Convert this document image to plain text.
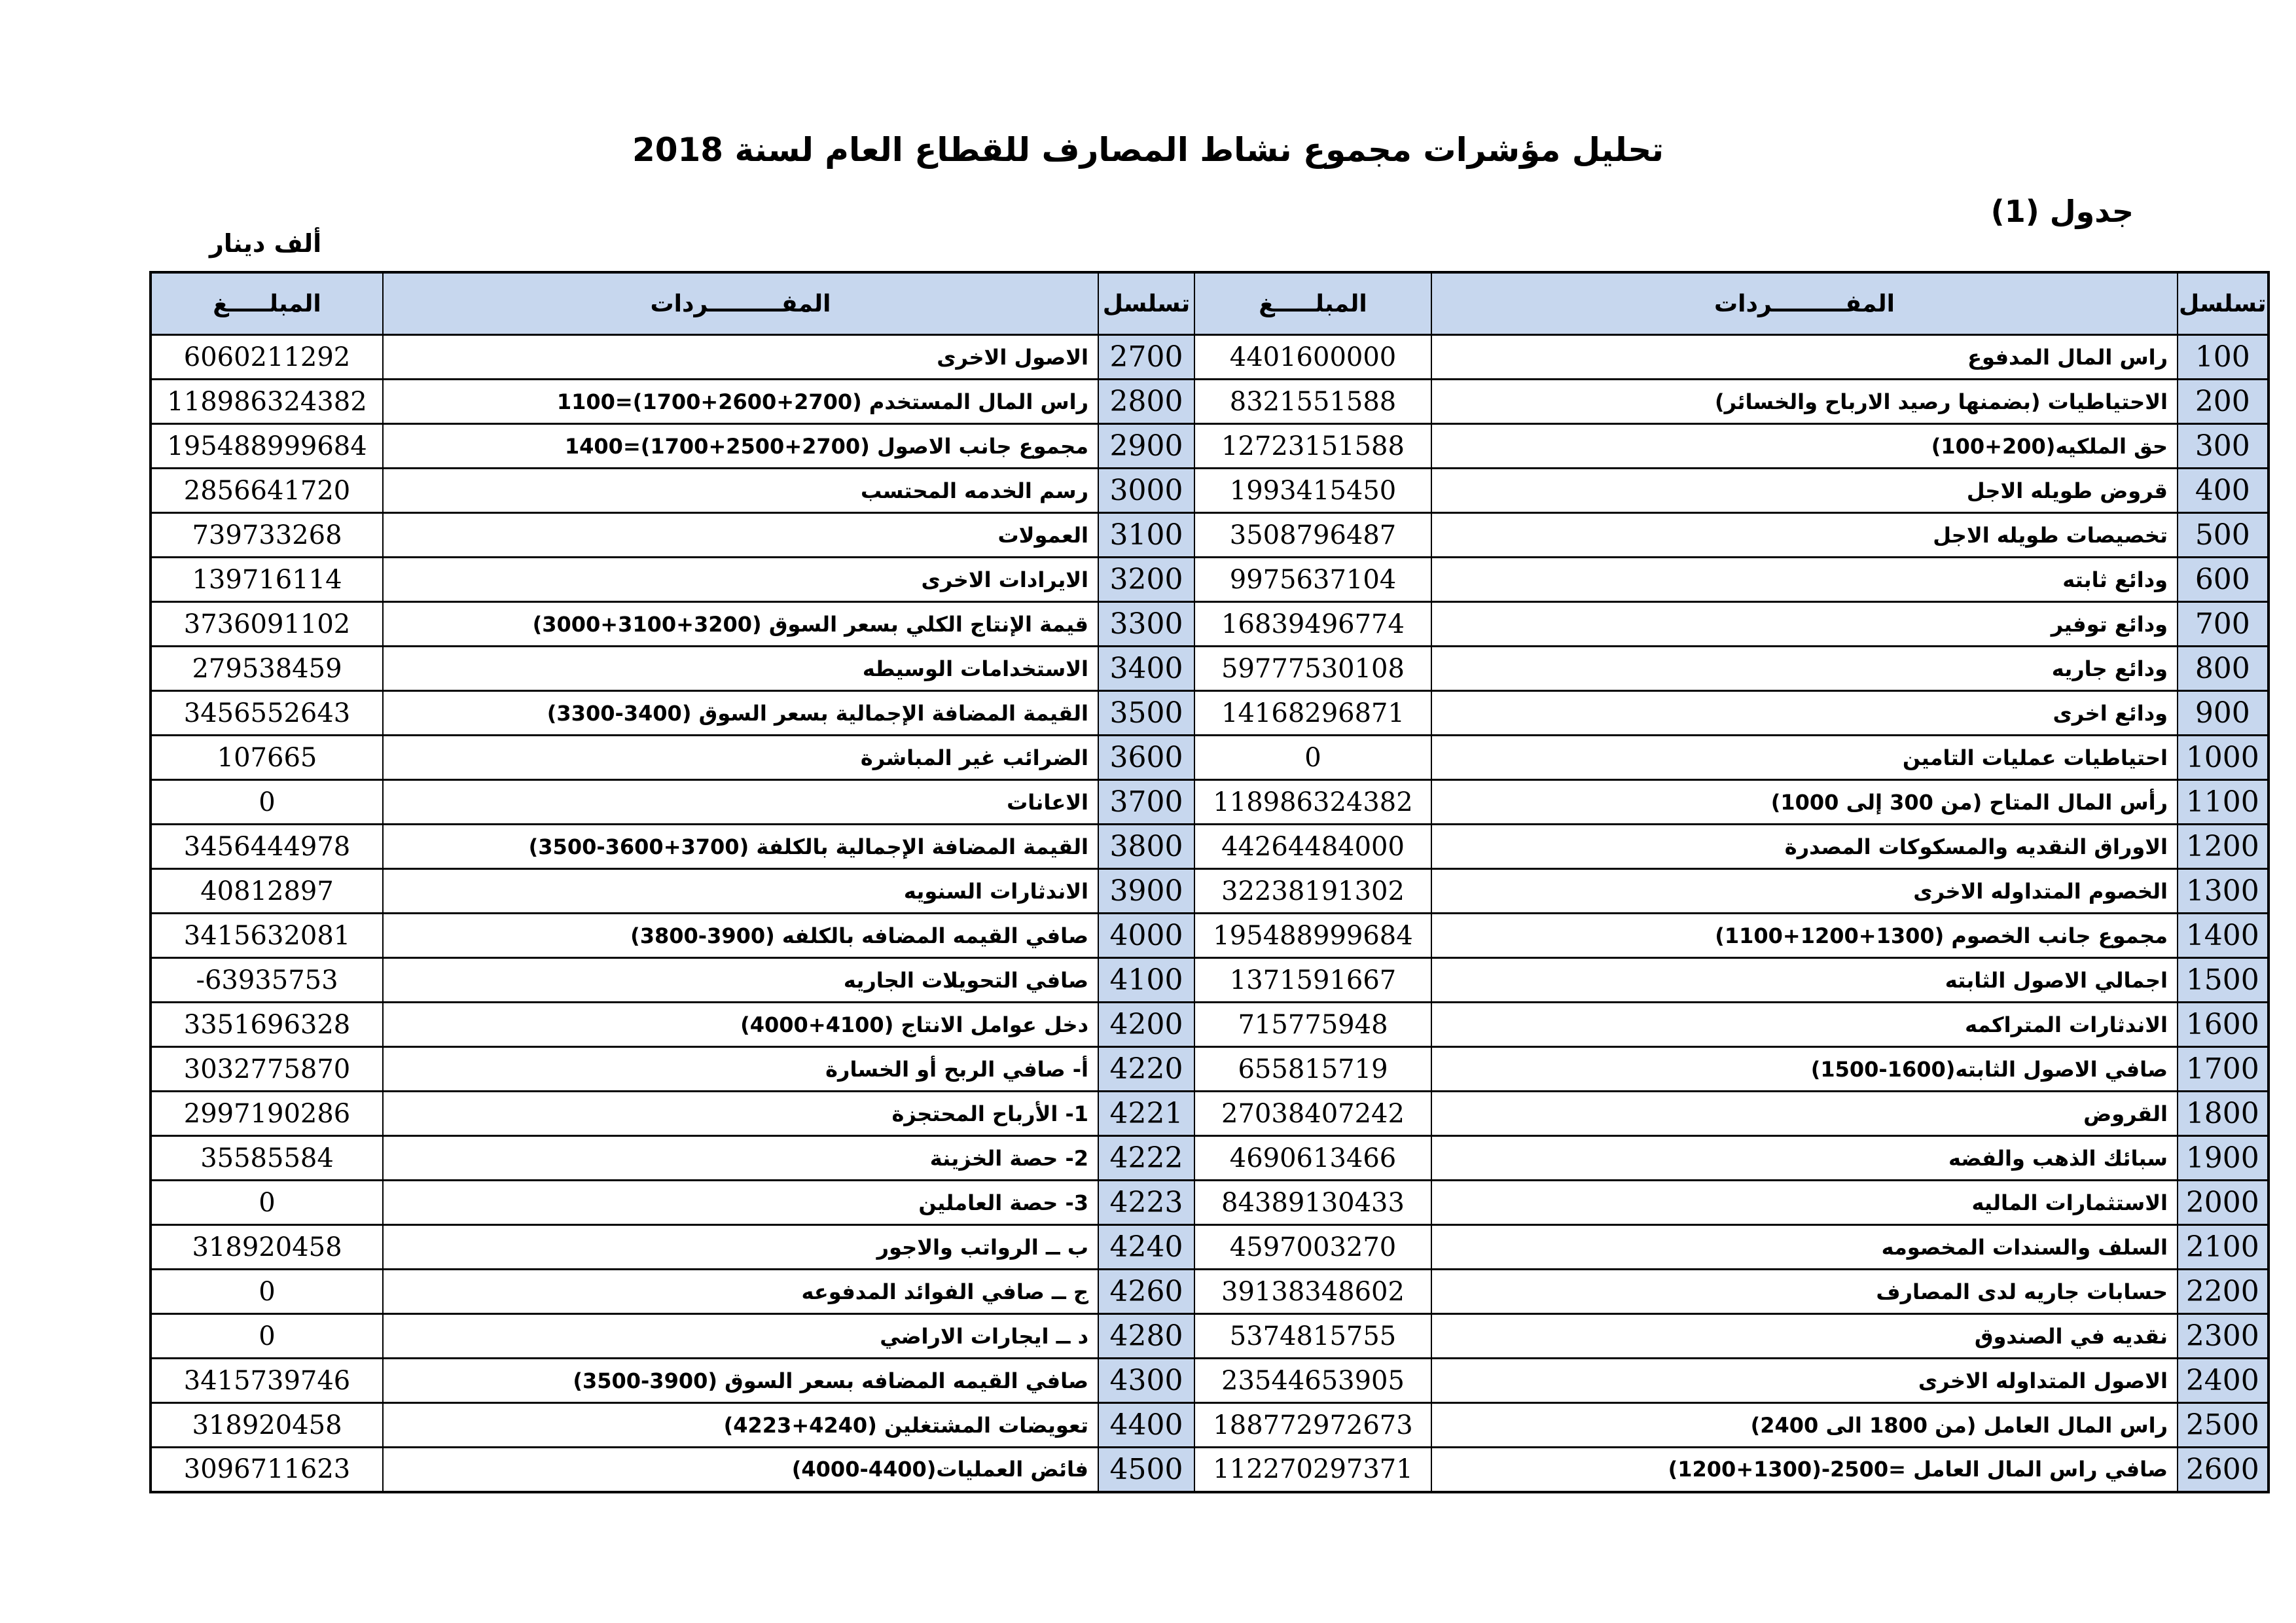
تحليل مؤشرات مجموع نشاط المصارف للقطاع العام لسنة 2018
جدول (1)
ألف دينار
تسلسل	المفـــــــــردات	المبلـــــغ	تسلسل	المفـــــــــردات	المبلـــــغ
100	راس المال المدفوع	4401600000	2700	الاصول الاخرى	6060211292
200	الاحتياطيات (بضمنها رصيد الارباح والخسائر)	8321551588	2800	راس المال المستخدم (2700+2600+1700)=1100	118986324382
300	حق الملكيه(200+100)	12723151588	2900	مجموع جانب الاصول (2700+2500+1700)=1400	195488999684
400	قروض طويله الاجل	1993415450	3000	رسم الخدمه المحتسب	2856641720
500	تخصيصات طويله الاجل	3508796487	3100	العمولات	739733268
600	ودائع ثابته	9975637104	3200	الايرادات الاخرى	139716114
700	ودائع توفير	16839496774	3300	قيمة الإنتاج الكلي بسعر السوق (3200+3100+3000)	3736091102
800	ودائع جاريه	59777530108	3400	الاستخدامات الوسيطه	279538459
900	ودائع اخرى	14168296871	3500	القيمة المضافة الإجمالية بسعر السوق (3400-3300)	3456552643
1000	احتياطيات عمليات التامين	0	3600	الضرائب غير المباشرة	107665
1100	رأس المال المتاح (من 300 إلى 1000)	118986324382	3700	الاعانات	0
1200	الاوراق النقديه والمسكوكات المصدرة	44264484000	3800	القيمة المضافة الإجمالية بالكلفة (3700+3600-3500)	3456444978
1300	الخصوم المتداوله الاخرى	32238191302	3900	الاندثارات السنويه	40812897
1400	مجموع جانب الخصوم (1300+1200+1100)	195488999684	4000	صافي القيمه المضافه بالكلفه (3900-3800)	3415632081
1500	اجمالي الاصول الثابته	1371591667	4100	صافي التحويلات الجاريه	-63935753
1600	الاندثارات المتراكمه	715775948	4200	دخل عوامل الانتاج (4100+4000)	3351696328
1700	صافي الاصول الثابته(1600-1500)	655815719	4220	أ- صافي الربح أو الخسارة	3032775870
1800	القروض	27038407242	4221	1- الأرباح المحتجزة	2997190286
1900	سبائك الذهب والفضه	4690613466	4222	2- حصة الخزينة	35585584
2000	الاستثمارات الماليه	84389130433	4223	3- حصة العاملين	0
2100	السلف والسندات المخصومه	4597003270	4240	ب ــ الرواتب والاجور	318920458
2200	حسابات جاريه لدى المصارف	39138348602	4260	ج ــ صافي الفوائد المدفوعه	0
2300	نقديه في الصندوق	5374815755	4280	د ــ ايجارات الاراضي	0
2400	الاصول المتداوله الاخرى	23544653905	4300	صافي القيمه المضافه بسعر السوق (3900-3500)	3415739746
2500	راس المال العامل (من 1800 الى 2400)	188772972673	4400	تعويضات المشتغلين (4240+4223)	318920458
2600	صافي راس المال العامل =2500-(1300+1200)	112270297371	4500	فائض العمليات(4400-4000)	3096711623
